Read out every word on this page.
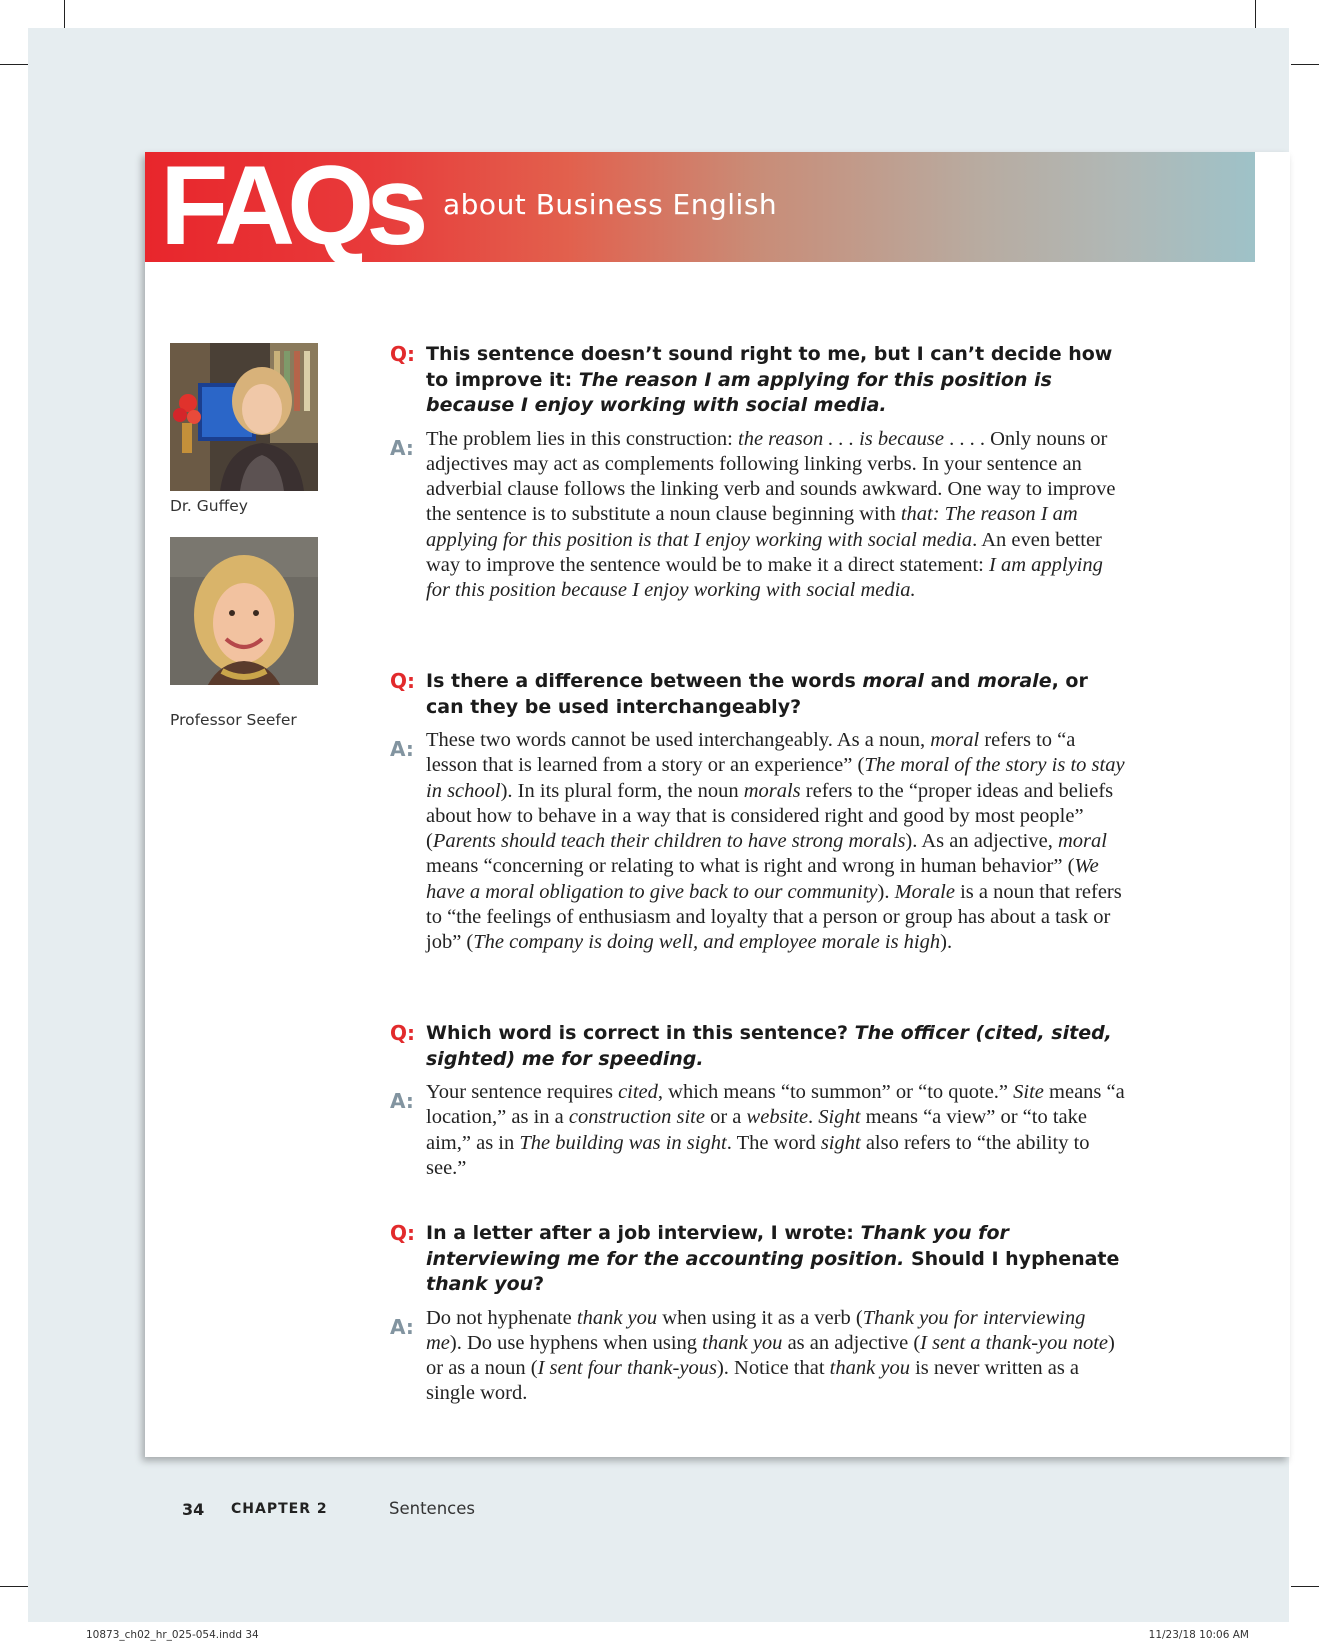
FAQs about Business English
Dr. Guffey
Professor Seefer
Q: This sentence doesn’t sound right to me, but I can’t decide how to improve it: The reason I am applying for this position is because I enjoy working with social media.
A: The problem lies in this construction: the reason . . . is because . . . . Only nouns or adjectives may act as complements following linking verbs. In your sentence an adverbial clause follows the linking verb and sounds awkward. One way to improve the sentence is to substitute a noun clause beginning with that: The reason I am applying for this position is that I enjoy working with social media. An even better way to improve the sentence would be to make it a direct statement: I am applying for this position because I enjoy working with social media.
Q: Is there a difference between the words moral and morale, or can they be used interchangeably?
A: These two words cannot be used interchangeably. As a noun, moral refers to “a lesson that is learned from a story or an experience” (The moral of the story is to stay in school). In its plural form, the noun morals refers to the “proper ideas and beliefs about how to behave in a way that is considered right and good by most people” (Parents should teach their children to have strong morals). As an adjective, moral means “concerning or relating to what is right and wrong in human behavior” (We have a moral obligation to give back to our community). Morale is a noun that refers to “the feelings of enthusiasm and loyalty that a person or group has about a task or job” (The company is doing well, and employee morale is high).
Q: Which word is correct in this sentence? The officer (cited, sited, sighted) me for speeding.
A: Your sentence requires cited, which means “to summon” or “to quote.” Site means “a location,” as in a construction site or a website. Sight means “a view” or “to take aim,” as in The building was in sight. The word sight also refers to “the ability to see.”
Q: In a letter after a job interview, I wrote: Thank you for interviewing me for the accounting position. Should I hyphenate thank you?
A: Do not hyphenate thank you when using it as a verb (Thank you for interviewing me). Do use hyphens when using thank you as an adjective (I sent a thank-you note) or as a noun (I sent four thank-yous). Notice that thank you is never written as a single word.
34 CHAPTER 2	Sentences
10873_ch02_hr_025-054.indd 34	11/23/18 10:06 AM
